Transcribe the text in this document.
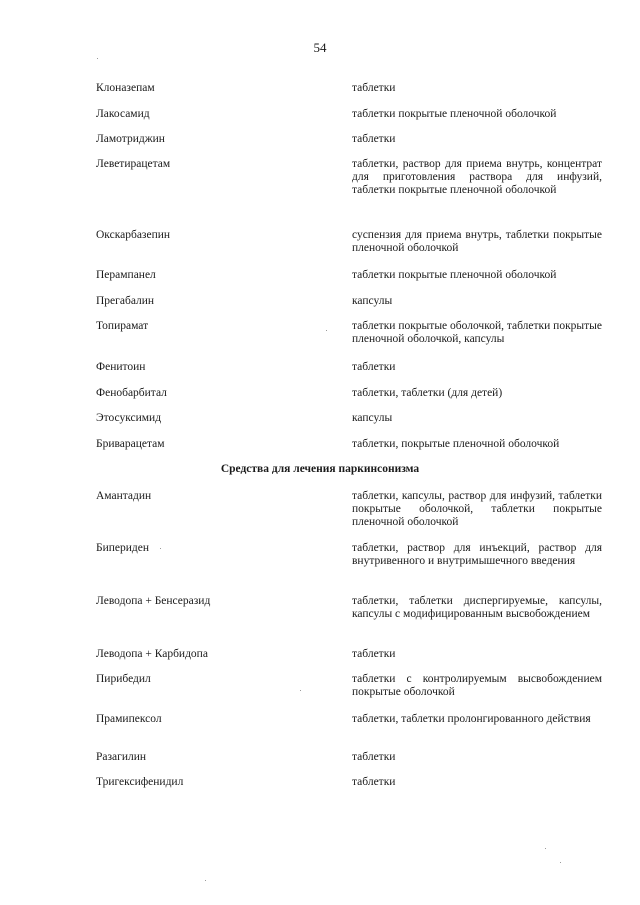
54
Клоназепам	таблетки
Лакосамид	таблетки покрытые пленочной оболочкой
Ламотриджин	таблетки
Леветирацетам	таблетки, раствор для приема внутрь, концентрат для приготовления раствора для инфузий, таблетки покрытые пленочной оболочкой
Окскарбазепин	суспензия для приема внутрь, таблетки покрытые пленочной оболочкой
Перампанел	таблетки покрытые пленочной оболочкой
Прегабалин	капсулы
Топирамат	таблетки покрытые оболочкой, таблетки покрытые пленочной оболочкой, капсулы
Фенитоин	таблетки
Фенобарбитал	таблетки, таблетки (для детей)
Этосуксимид	капсулы
Бриварацетам	таблетки, покрытые пленочной оболочкой
Средства для лечения паркинсонизма
Амантадин	таблетки, капсулы, раствор для инфузий, таблетки покрытые оболочкой, таблетки покрытые пленочной оболочкой
Бипериден	таблетки, раствор для инъекций, раствор для внутривенного и внутримышечного введения
Леводопа + Бенсеразид	таблетки, таблетки диспергируемые, капсулы, капсулы с модифицированным высвобождением
Леводопа + Карбидопа	таблетки
Пирибедил	таблетки с контролируемым высвобождением покрытые оболочкой
Прамипексол	таблетки, таблетки пролонгированного действия
Разагилин	таблетки
Тригексифенидил	таблетки
